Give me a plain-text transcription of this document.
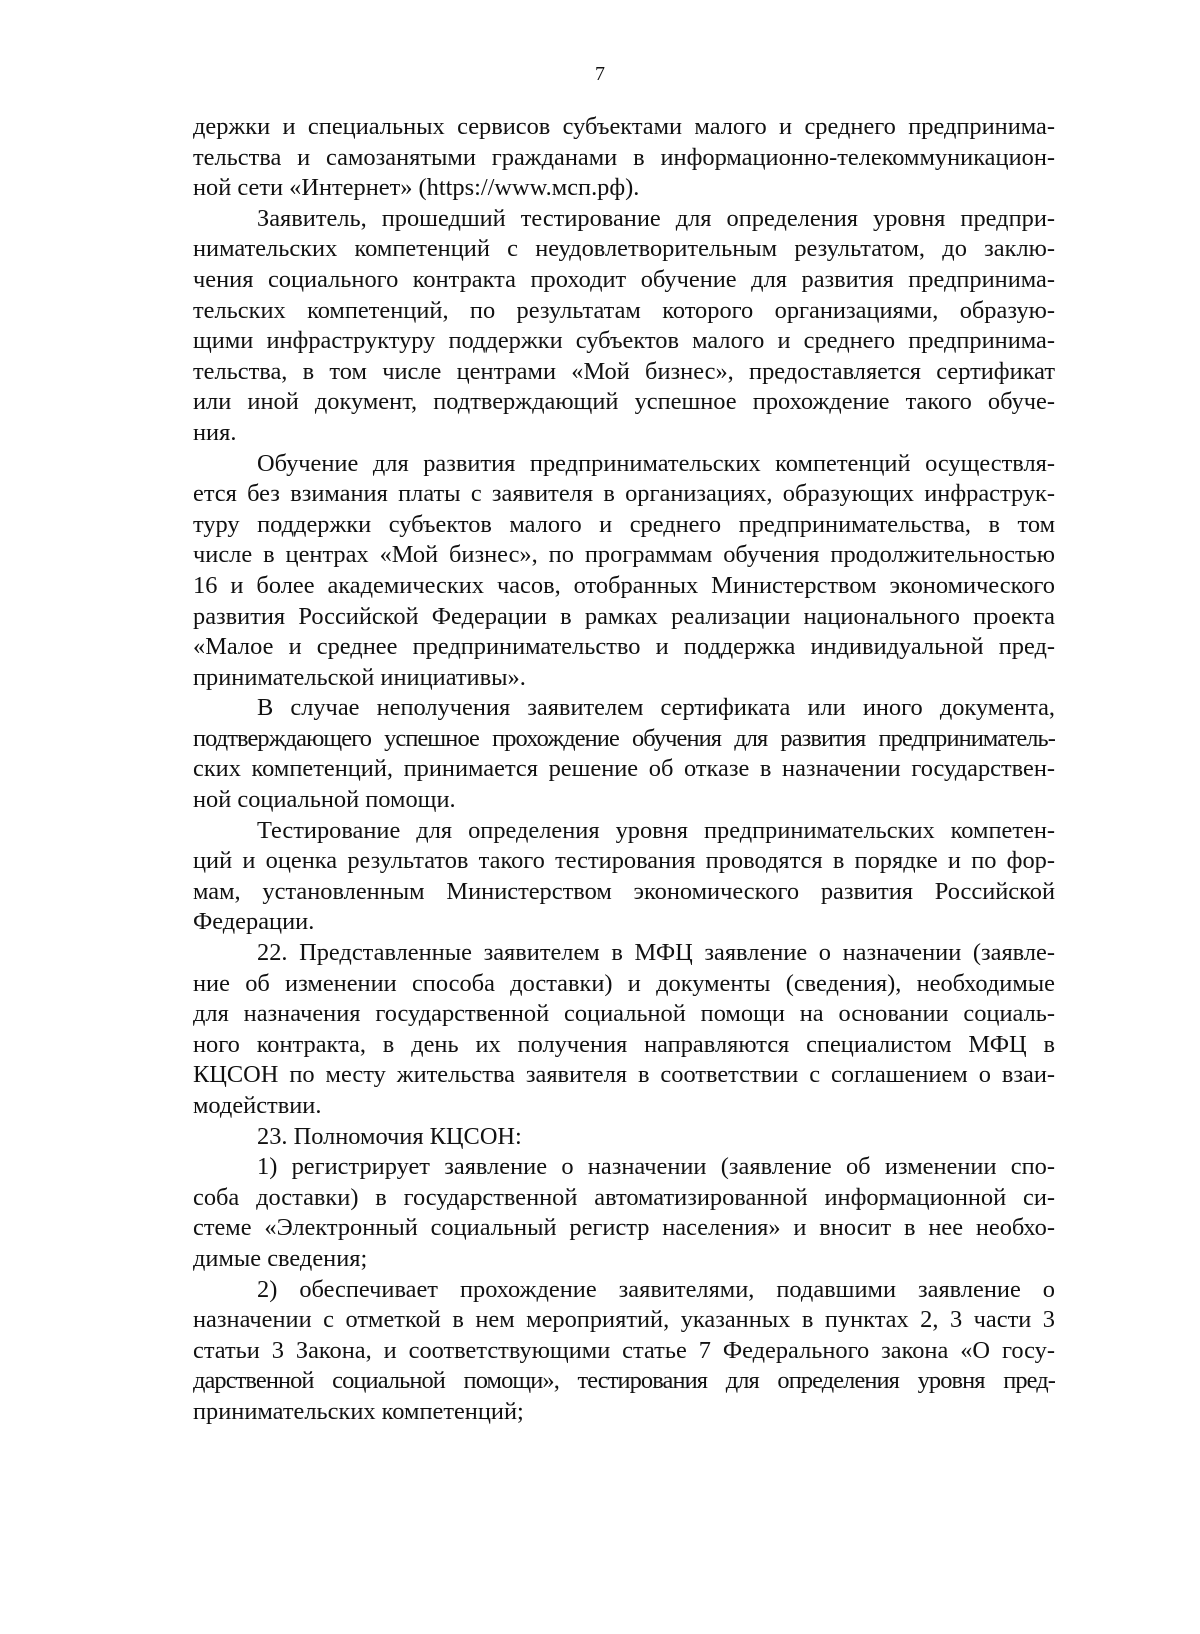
7
держки и специальных сервисов субъектами малого и среднего предпринима-
тельства и самозанятыми гражданами в информационно-телекоммуникацион-
ной сети «Интернет» (https://www.мсп.рф).
Заявитель, прошедший тестирование для определения уровня предпри-
нимательских компетенций с неудовлетворительным результатом, до заклю-
чения социального контракта проходит обучение для развития предпринима-
тельских компетенций, по результатам которого организациями, образую-
щими инфраструктуру поддержки субъектов малого и среднего предпринима-
тельства, в том числе центрами «Мой бизнес», предоставляется сертификат
или иной документ, подтверждающий успешное прохождение такого обуче-
ния.
Обучение для развития предпринимательских компетенций осуществля-
ется без взимания платы с заявителя в организациях, образующих инфраструк-
туру поддержки субъектов малого и среднего предпринимательства, в том
числе в центрах «Мой бизнес», по программам обучения продолжительностью
16 и более академических часов, отобранных Министерством экономического
развития Российской Федерации в рамках реализации национального проекта
«Малое и среднее предпринимательство и поддержка индивидуальной пред-
принимательской инициативы».
В случае неполучения заявителем сертификата или иного документа,
подтверждающего успешное прохождение обучения для развития предприниматель-
ских компетенций, принимается решение об отказе в назначении государствен-
ной социальной помощи.
Тестирование для определения уровня предпринимательских компетен-
ций и оценка результатов такого тестирования проводятся в порядке и по фор-
мам, установленным Министерством экономического развития Российской
Федерации.
22. Представленные заявителем в МФЦ заявление о назначении (заявле-
ние об изменении способа доставки) и документы (сведения), необходимые
для назначения государственной социальной помощи на основании социаль-
ного контракта, в день их получения направляются специалистом МФЦ в
КЦСОН по месту жительства заявителя в соответствии с соглашением о взаи-
модействии.
23. Полномочия КЦСОН:
1) регистрирует заявление о назначении (заявление об изменении спо-
соба доставки) в государственной автоматизированной информационной си-
стеме «Электронный социальный регистр населения» и вносит в нее необхо-
димые сведения;
2) обеспечивает прохождение заявителями, подавшими заявление о
назначении с отметкой в нем мероприятий, указанных в пунктах 2, 3 части 3
статьи 3 Закона, и соответствующими статье 7 Федерального закона «О госу-
дарственной социальной помощи», тестирования для определения уровня пред-
принимательских компетенций;
